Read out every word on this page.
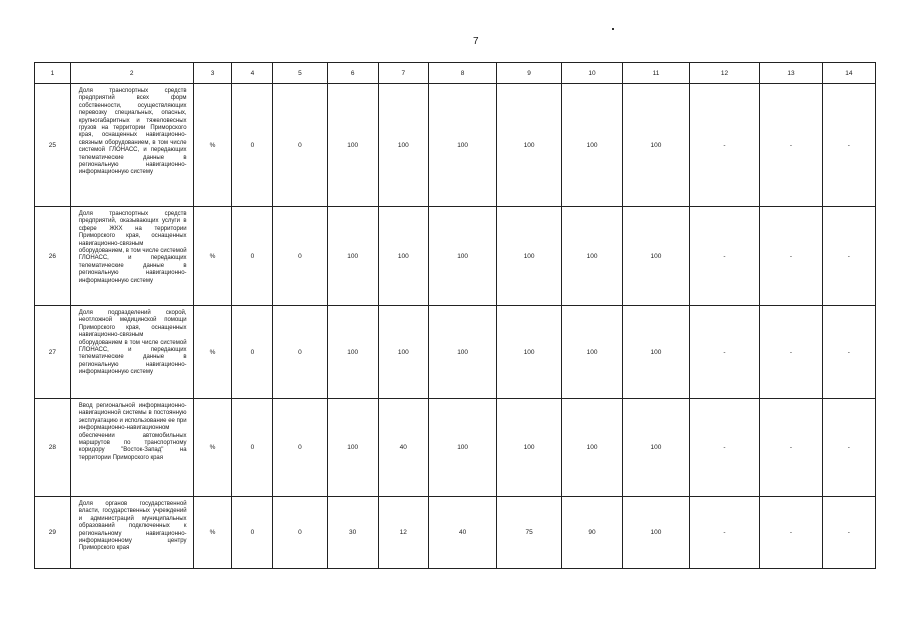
7
1	2	3	4	5	6	7	8	9	10	11	12	13	14
25	Доля транспортных средств предприятий всех форм собственности, осуществляющих перевозку специальных, опасных, крупногабаритных и тяжеловесных грузов на территории Приморского края, оснащенных навигационно-связным оборудованием, в том числе системой ГЛОНАСС, и передающих телематические данные в региональную навигационно-информационную систему	%	0	0	100	100	100	100	100	100	-	-	-
26	Доля транспортных средств предприятий, оказывающих услуги в сфере ЖКХ на территории Приморского края, оснащенных навигационно-связным оборудованием, в том числе системой ГЛОНАСС, и передающих телематические данные в региональную навигационно-информационную систему	%	0	0	100	100	100	100	100	100	-	-	-
27	Доля подразделений скорой, неотложной медицинской помощи Приморского края, оснащенных навигационно-связным оборудованием в том числе системой ГЛОНАСС, и передающих телематические данные в региональную навигационно-информационную систему	%	0	0	100	100	100	100	100	100	-	-	-
28	Ввод региональной информационно-навигационной системы в постоянную эксплуатацию и использование ее при информационно-навигационном обеспечении автомобильных маршрутов по транспортному коридору "Восток-Запад" на территории Приморского края	%	0	0	100	40	100	100	100	100	-	-	-
29	Доля органов государственной власти, государственных учреждений и администраций муниципальных образований подключенных к региональному навигационно-информационному центру Приморского края	%	0	0	30	12	40	75	90	100	-	-	-
